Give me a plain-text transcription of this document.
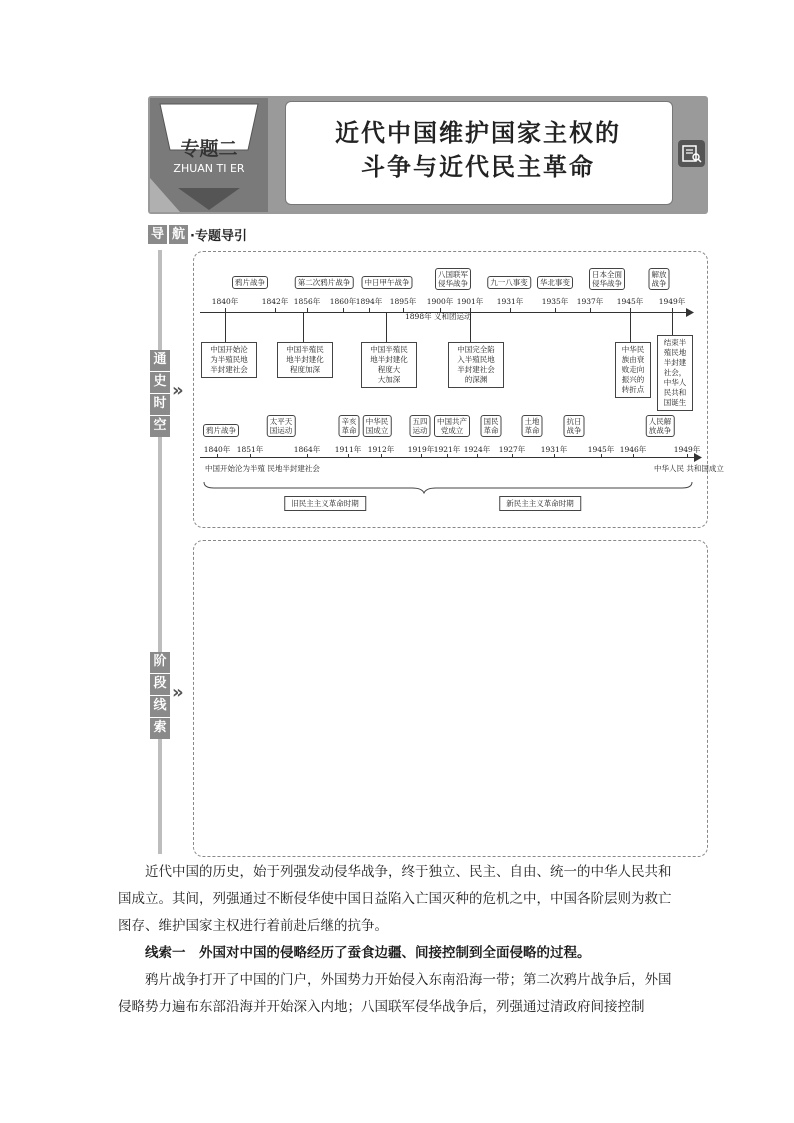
专题二
ZHUAN TI ER
近代中国维护国家主权的
斗争与近代民主革命
导 航 ·专题导引
通
史
时
空
»
阶
段
线
索
»
1898年 义和团运动
鸦片战争	第二次鸦片战争	中日甲午战争
八国联军
侵华战争	九一八事变	华北事变
日本全面
侵华战争
解放
战争
1840年	1842年 1856年 1860年 1894年 1895年 1900年 1901年 1931年 1935年 1937年 1945年 1949年
中国开始沦
为半殖民地
半封建社会
中国半殖民
地半封建化
程度加深
中国半殖民
地半封建化
程度大
大加深
中国完全陷
入半殖民地
半封建社会
的深渊
中华民
族由衰
败走向
振兴的
转折点
结束半
殖民地
半封建
社会，
中华人
民共和
国诞生
中国开始沦为半殖 民地半封建社会	中华人民 共和国成立
旧民主主义革命时期	新民主主义革命时期
鸦片战争
太平天
国运动
辛亥
革命
中华民
国成立
五四
运动
中国共产
党成立
国民
革命
土地
革命
抗日
战争
人民解
放战争
1840年 1851年	1864年 1911年 1912年 1919年 1921年 1924年 1927年 1931年	1945年 1946年	1949年
近代中国的历史，始于列强发动侵华战争，终于独立、民主、自由、统一的中华人民共和国成立。其间，列强通过不断侵华使中国日益陷入亡国灭种的危机之中，中国各阶层则为救亡图存、维护国家主权进行着前赴后继的抗争。
线索一　外国对中国的侵略经历了蚕食边疆、间接控制到全面侵略的过程。
鸦片战争打开了中国的门户，外国势力开始侵入东南沿海一带；第二次鸦片战争后，外国侵略势力遍布东部沿海并开始深入内地；八国联军侵华战争后，列强通过清政府间接控制
